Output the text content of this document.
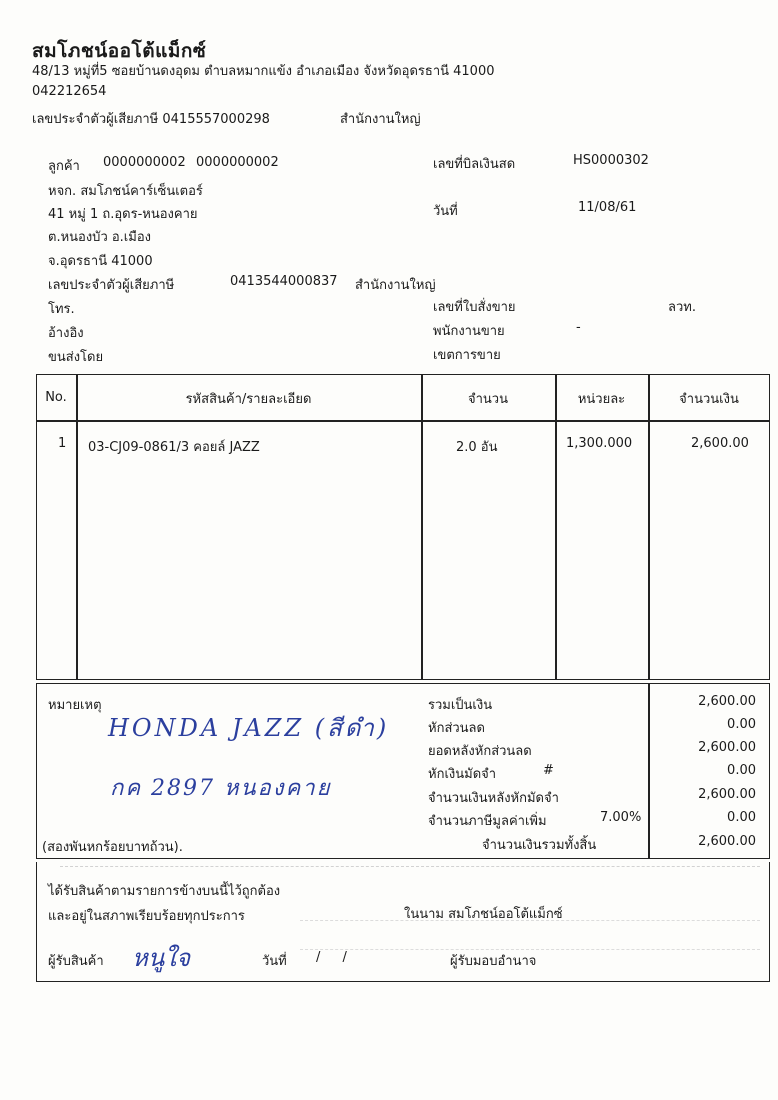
สมโภชน์ออโต้แม็กซ์
48/13 หมู่ที่5 ซอยบ้านดงอุดม ตำบลหมากแข้ง อำเภอเมือง จังหวัดอุดรธานี 41000
042212654
เลขประจำตัวผู้เสียภาษี 0415557000298	สำนักงานใหญ่
ลูกค้า 0000000002 0000000002
หจก. สมโภชน์คาร์เซ็นเตอร์
41 หมู่ 1 ถ.อุดร-หนองคาย
ต.หนองบัว อ.เมือง
จ.อุดรธานี 41000
เลขประจำตัวผู้เสียภาษี	0413544000837 สำนักงานใหญ่
โทร.
อ้างอิง
ขนส่งโดย
เลขที่บิลเงินสด	HS0000302
วันที่	11/08/61
เลขที่ใบสั่งขาย	ลวท.
พนักงานขาย	-
เขตการขาย
No.	รหัสสินค้า/รายละเอียด	จำนวน	หน่วยละ	จำนวนเงิน
1 03-CJ09-0861/3 คอยล์ JAZZ	2.0 อัน	1,300.000	2,600.00
หมายเหตุ
HONDA JAZZ (สีดำ)
กค 2897 หนองคาย
(สองพันหกร้อยบาทถ้วน).
รวมเป็นเงิน	2,600.00
หักส่วนลด	0.00
ยอดหลังหักส่วนลด	2,600.00
หักเงินมัดจำ	#	0.00
จำนวนเงินหลังหักมัดจำ	2,600.00
จำนวนภาษีมูลค่าเพิ่ม	7.00%	0.00
จำนวนเงินรวมทั้งสิ้น	2,600.00
ได้รับสินค้าตามรายการข้างบนนี้ไว้ถูกต้อง
และอยู่ในสภาพเรียบร้อยทุกประการ	ในนาม สมโภชน์ออโต้แม็กซ์
ผู้รับสินค้า หนูใจ	วันที่ / /	ผู้รับมอบอำนาจ
